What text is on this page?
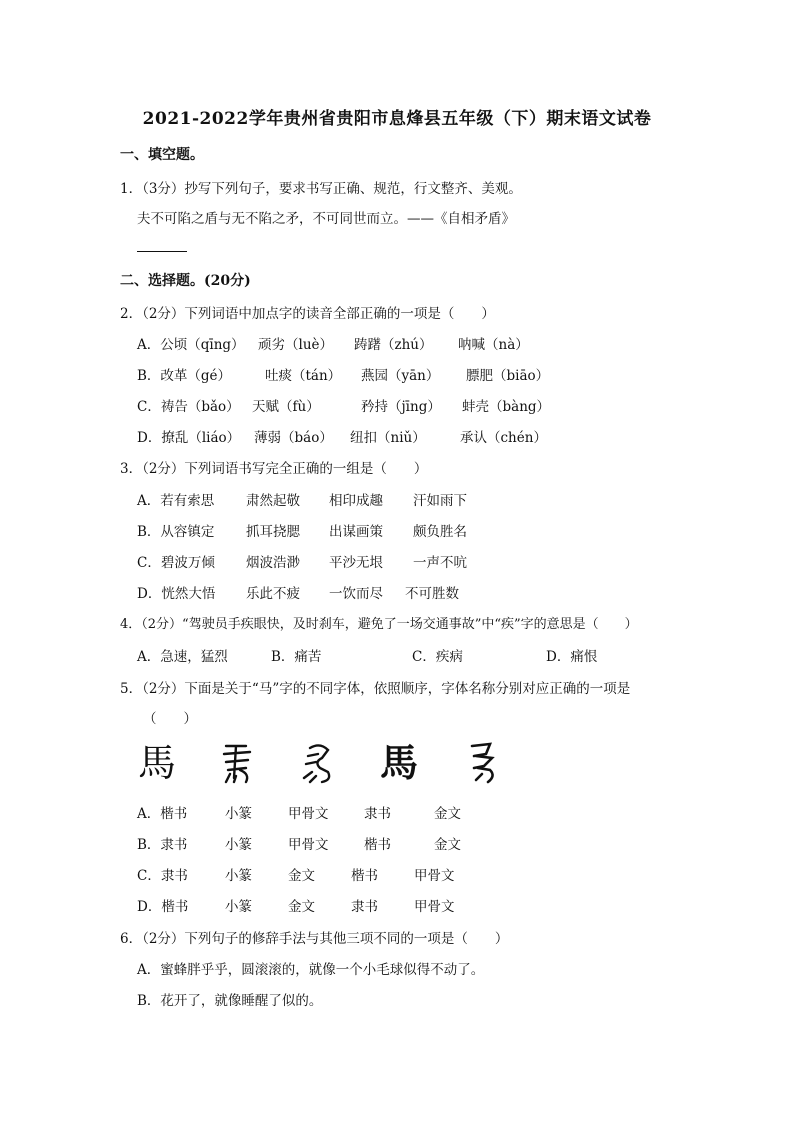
2021-2022学年贵州省贵阳市息烽县五年级（下）期末语文试卷
一、填空题。
1．（3分）抄写下列句子，要求书写正确、规范，行文整齐、美观。
夫不可陷之盾与无不陷之矛，不可同世而立。——《自相矛盾》
二、选择题。(20分)
2．（2分）下列词语中加点字的读音全部正确的一项是（　　）
A．公顷（qīng） 顽劣（luè） 踌躇（zhú） 呐喊（nà）
B．改革（gé）	吐痰（tán） 燕园（yān） 膘肥（biāo）
C．祷告（bǎo） 天赋（fù）	矜持（jīng） 蚌壳（bàng）
D．撩乱（liáo） 薄弱（báo） 纽扣（niǔ）	承认（chén）
3．（2分）下列词语书写完全正确的一组是（　　）
A．若有索思 肃然起敬 相印成趣 汗如雨下
B．从容镇定 抓耳挠腮 出谋画策 颇负胜名
C．碧波万倾 烟波浩渺 平沙无垠 一声不吭
D．恍然大悟 乐此不疲 一饮而尽 不可胜数
4．（2分）“驾驶员手疾眼快，及时刹车，避免了一场交通事故”中“疾”字的意思是（　　）
A．急速，猛烈	B．痛苦	C．疾病	D．痛恨
5．（2分）下面是关于“马”字的不同字体，依照顺序，字体名称分别对应正确的一项是
（　　）
馬	馬
A．楷书	小篆	甲骨文	隶书	金文
B．隶书	小篆	甲骨文	楷书	金文
C．隶书	小篆	金文	楷书	甲骨文
D．楷书	小篆	金文	隶书	甲骨文
6．（2分）下列句子的修辞手法与其他三项不同的一项是（　　）
A．蜜蜂胖乎乎，圆滚滚的，就像一个小毛球似得不动了。
B．花开了，就像睡醒了似的。
